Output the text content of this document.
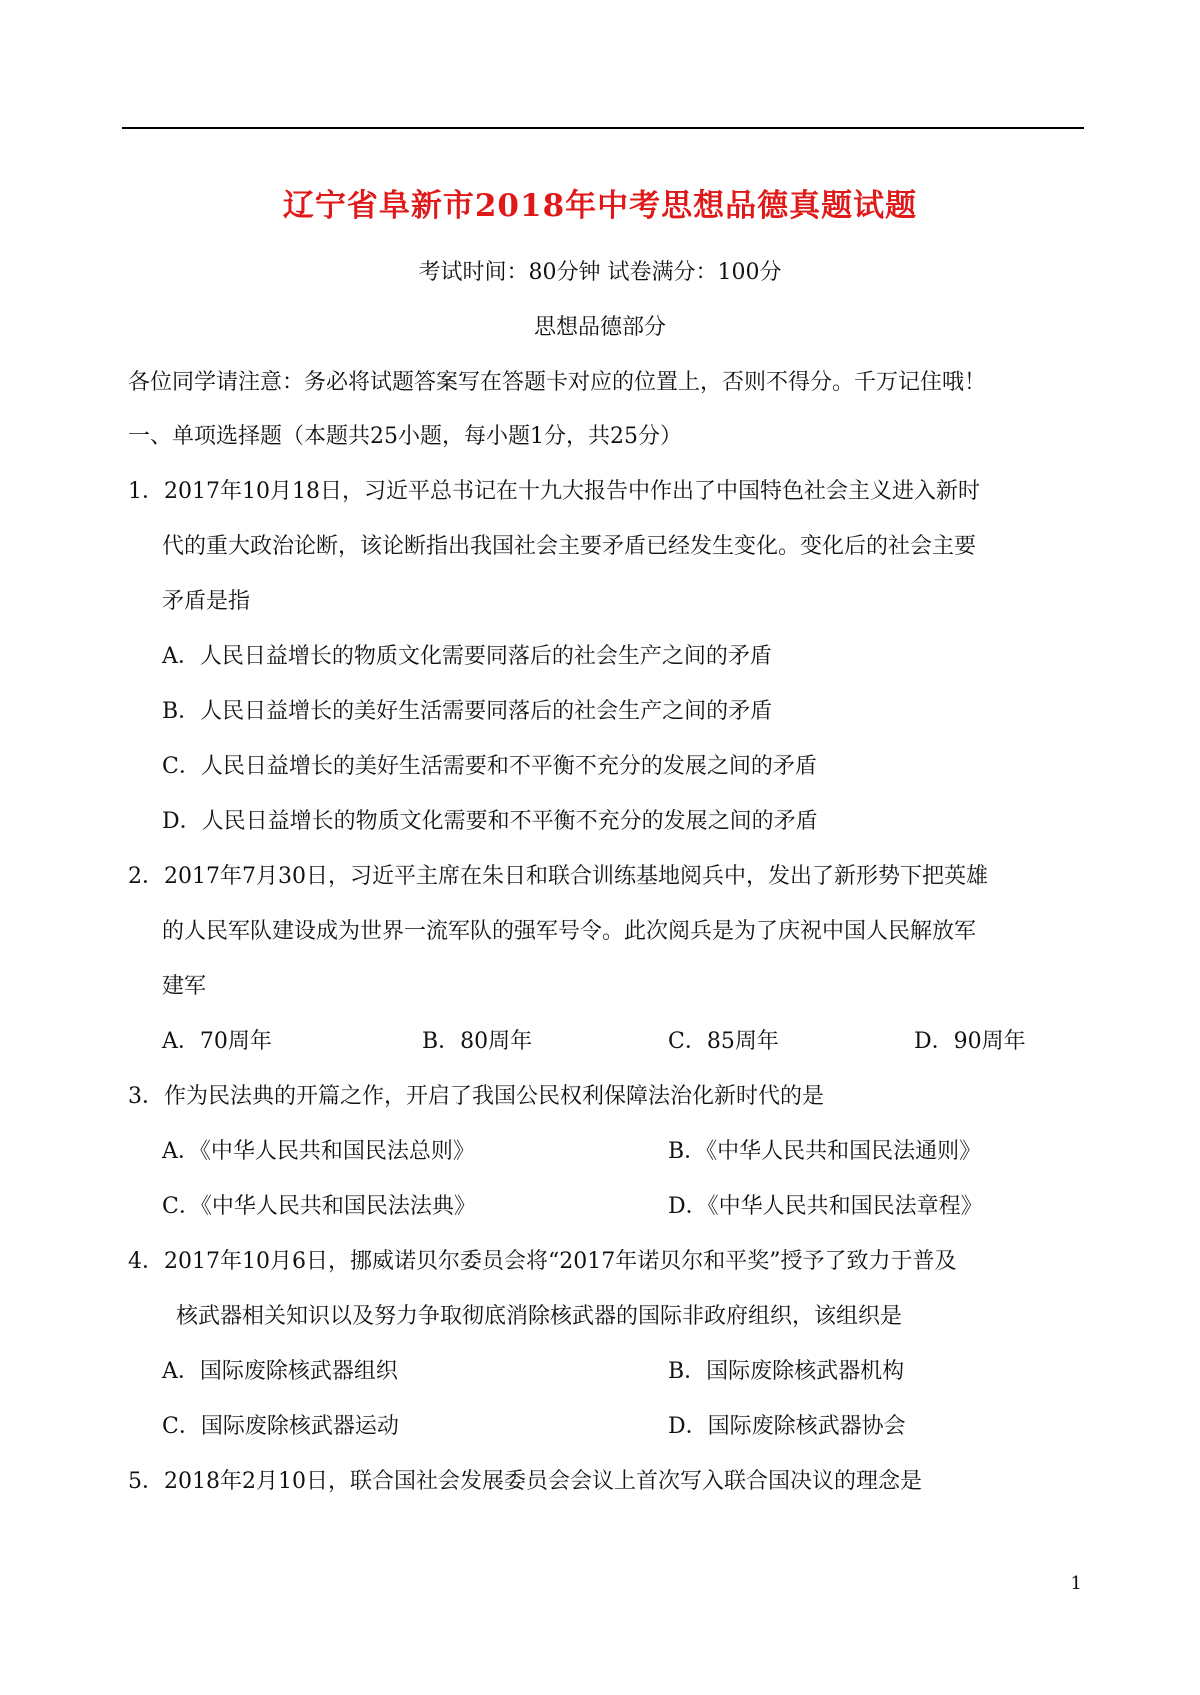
辽宁省阜新市2018年中考思想品德真题试题
考试时间：80分钟 试卷满分：100分
思想品德部分
各位同学请注意：务必将试题答案写在答题卡对应的位置上，否则不得分。千万记住哦！
一、单项选择题（本题共25小题，每小题1分，共25分）
1．2017年10月18日，习近平总书记在十九大报告中作出了中国特色社会主义进入新时
代的重大政治论断，该论断指出我国社会主要矛盾已经发生变化。变化后的社会主要
矛盾是指
A．人民日益增长的物质文化需要同落后的社会生产之间的矛盾
B．人民日益增长的美好生活需要同落后的社会生产之间的矛盾
C．人民日益增长的美好生活需要和不平衡不充分的发展之间的矛盾
D．人民日益增长的物质文化需要和不平衡不充分的发展之间的矛盾
2．2017年7月30日，习近平主席在朱日和联合训练基地阅兵中，发出了新形势下把英雄
的人民军队建设成为世界一流军队的强军号令。此次阅兵是为了庆祝中国人民解放军
建军
A．70周年	B．80周年	C．85周年	D．90周年
3．作为民法典的开篇之作，开启了我国公民权利保障法治化新时代的是
A．《中华人民共和国民法总则》	B．《中华人民共和国民法通则》
C．《中华人民共和国民法法典》	D．《中华人民共和国民法章程》
4．2017年10月6日，挪威诺贝尔委员会将“2017年诺贝尔和平奖”授予了致力于普及
核武器相关知识以及努力争取彻底消除核武器的国际非政府组织，该组织是
A．国际废除核武器组织	B．国际废除核武器机构
C．国际废除核武器运动	D．国际废除核武器协会
5．2018年2月10日，联合国社会发展委员会会议上首次写入联合国决议的理念是
1
